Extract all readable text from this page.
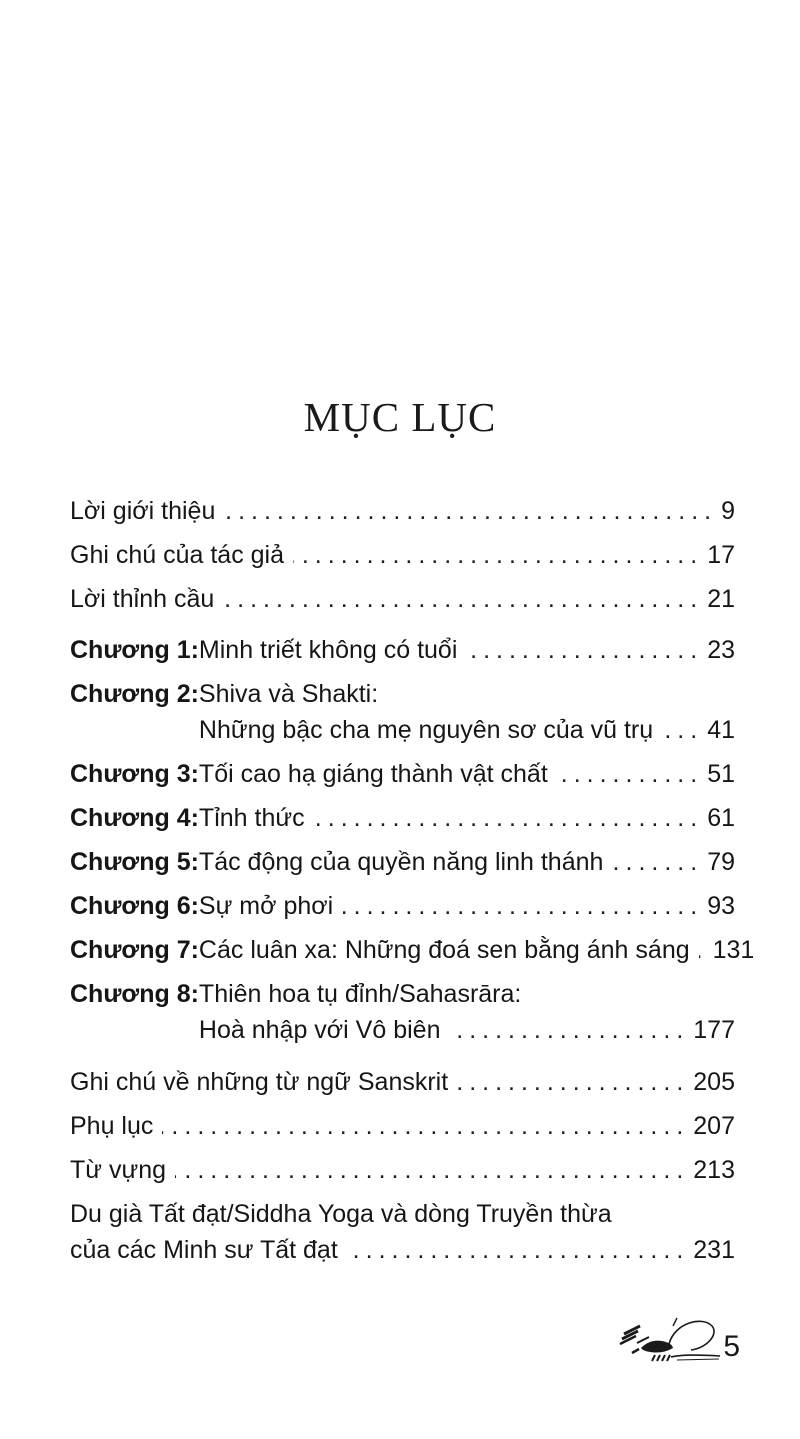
MỤC LỤC
Lời giới thiệu .....	9
Ghi chú của tác giả .....	17
Lời thỉnh cầu .....	21
Chương 1: Minh triết không có tuổi .....	23
Chương 2: Shiva và Shakti:
Những bậc cha mẹ nguyên sơ của vũ trụ ..... 41
Chương 3: Tối cao hạ giáng thành vật chất .....	51
Chương 4: Tỉnh thức .....	61
Chương 5: Tác động của quyền năng linh thánh .....	79
Chương 6: Sự mở phơi .....	93
Chương 7: Các luân xa: Những đoá sen bằng ánh sáng ..... 131
Chương 8: Thiên hoa tụ đỉnh/Sahasrāra:
Hoà nhập với Vô biên .....	177
Ghi chú về những từ ngữ Sanskrit .....	205
Phụ lục .....	207
Từ vựng .....	213
Du già Tất đạt/Siddha Yoga và dòng Truyền thừa
của các Minh sư Tất đạt .....	231
5
